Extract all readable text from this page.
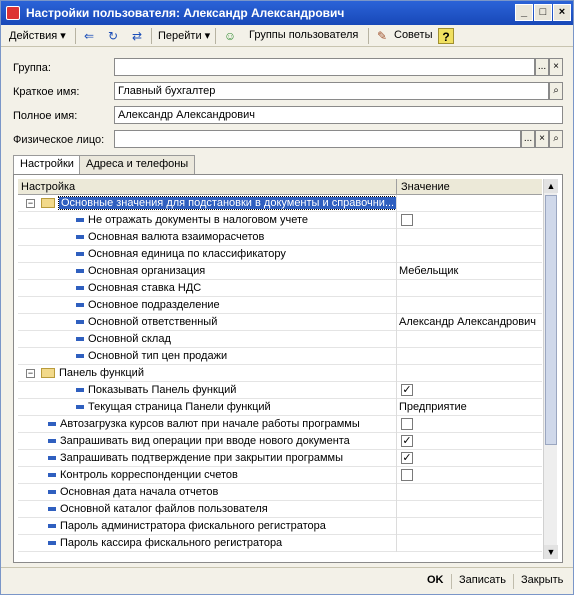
Настройки пользователя: Александр Александрович	_	□	×
Действия ▾ ⇐ ↻ ⇄ Перейти ▾ ☺ Группы пользователя ✎ Советы ?
Группа:	... ×
Краткое имя:	Главный бухгалтер	⌕
Полное имя:	Александр Александрович
Физическое лицо:	... × ⌕
Настройки	Адреса и телефоны
Настройка	Значение
−	Основные значения для подстановки в документы и справочни...
Не отражать документы в налоговом учете
Основная валюта взаиморасчетов
Основная единица по классификатору
Основная организация	Мебельщик
Основная ставка НДС
Основное подразделение
Основной ответственный	Александр Александрович
Основной склад
Основной тип цен продажи
− Панель функций
Показывать Панель функций	✓
Текущая страница Панели функций	Предприятие
Автозагрузка курсов валют при начале работы программы
Запрашивать вид операции при вводе нового документа	✓
Запрашивать подтверждение при закрытии программы	✓
Контроль корреспонденции счетов
Основная дата начала отчетов
Основной каталог файлов пользователя
Пароль администратора фискального регистратора
Пароль кассира фискального регистратора
▲
▼
OK Записать Закрыть
